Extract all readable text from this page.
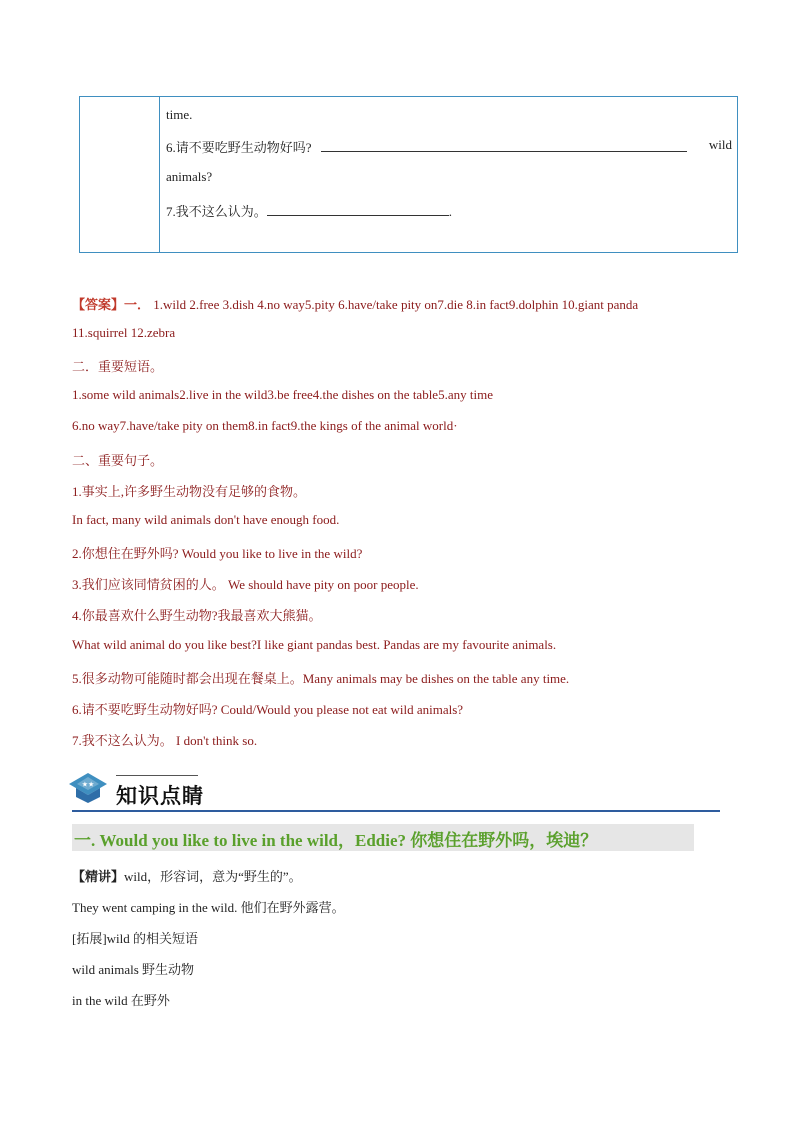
time.
6.请不要吃野生动物好吗?	wild
animals?
7.我不这么认为。	.
【答案】一． 1.wild 2.free 3.dish 4.no way5.pity 6.have/take pity on7.die 8.in fact9.dolphin 10.giant panda
11.squirrel 12.zebra
二．重要短语。
1.some wild animals2.live in the wild3.be free4.the dishes on the table5.any time
6.no way7.have/take pity on them8.in fact9.the kings of the animal world·
二、重要句子。
1.事实上,许多野生动物没有足够的食物。
In fact, many wild animals don't have enough food.
2.你想住在野外吗? Would you like to live in the wild?
3.我们应该同情贫困的人。 We should have pity on poor people.
4.你最喜欢什么野生动物?我最喜欢大熊猫。
What wild animal do you like best?I like giant pandas best. Pandas are my favourite animals.
5.很多动物可能随时都会出现在餐桌上。Many animals may be dishes on the table any time.
6.请不要吃野生动物好吗? Could/Would you please not eat wild animals?
7.我不这么认为。 I don't think so.
★★ 知识点睛
一. Would you like to live in the wild，Eddie? 你想住在野外吗，埃迪？
【精讲】wild，形容词，意为“野生的”。
They went camping in the wild. 他们在野外露营。
[拓展]wild 的相关短语
wild animals 野生动物
in the wild 在野外
